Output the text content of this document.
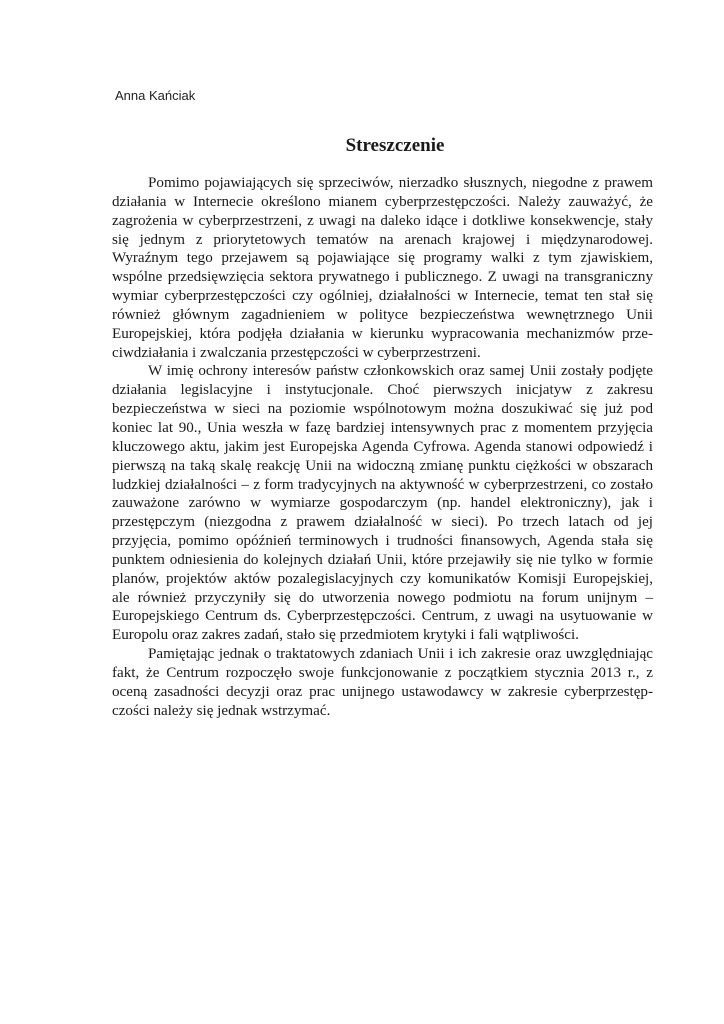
Anna Kańciak
Streszczenie

Pomimo pojawiających się sprzeciwów, nierzadko słusznych, niegodne z prawem działania w Internecie określono mianem cyberprzestępczości. Należy zauważyć, że zagrożenia w cyberprzestrzeni, z uwagi na daleko idące i dotkliwe konsekwencje, stały się jednym z priorytetowych tematów na arenach krajowej i międzynarodowej. Wyraźnym tego przejawem są pojawiające się programy walki z tym zjawiskiem, wspólne przedsięwzięcia sektora prywatnego i publicznego. Z uwagi na transgraniczny wymiar cyberprzestępczości czy ogólniej, działalności w Internecie, temat ten stał się również głównym zagadnieniem w polityce bezpieczeństwa wewnętrznego Unii Europejskiej, która podjęła działania w kierunku wypracowania mechanizmów przeciwdziałania i zwalczania przestępczości w cyberprzestrzeni.

W imię ochrony interesów państw członkowskich oraz samej Unii zostały podjęte działania legislacyjne i instytucjonale. Choć pierwszych inicjatyw z zakresu bezpieczeństwa w sieci na poziomie wspólnotowym można doszukiwać się już pod koniec lat 90., Unia weszła w fazę bardziej intensywnych prac z momentem przyjęcia kluczowego aktu, jakim jest Europejska Agenda Cyfrowa. Agenda stanowi odpowiedź i pierwszą na taką skalę reakcję Unii na widoczną zmianę punktu ciężkości w obszarach ludzkiej działalności – z form tradycyjnych na aktywność w cyberprzestrzeni, co zostało zauważone zarówno w wymiarze gospodarczym (np. handel elektroniczny), jak i przestępczym (niezgodna z prawem działalność w sieci). Po trzech latach od jej przyjęcia, pomimo opóźnień terminowych i trudności ﬁnansowych, Agenda stała się punktem odniesienia do kolejnych działań Unii, które przejawiły się nie tylko w formie planów, projektów aktów pozalegislacyjnych czy komunikatów Komisji Europejskiej, ale również przyczyniły się do utworzenia nowego podmiotu na forum unijnym – Europejskiego Centrum ds. Cyberprzestępczości. Centrum, z uwagi na usytuowanie w Europolu oraz zakres zadań, stało się przedmiotem krytyki i fali wątpliwości.

Pamiętając jednak o traktatowych zdaniach Unii i ich zakresie oraz uwzględniając fakt, że Centrum rozpoczęło swoje funkcjonowanie z początkiem stycznia 2013 r., z oceną zasadności decyzji oraz prac unijnego ustawodawcy w zakresie cyberprzestępczości należy się jednak wstrzymać.
